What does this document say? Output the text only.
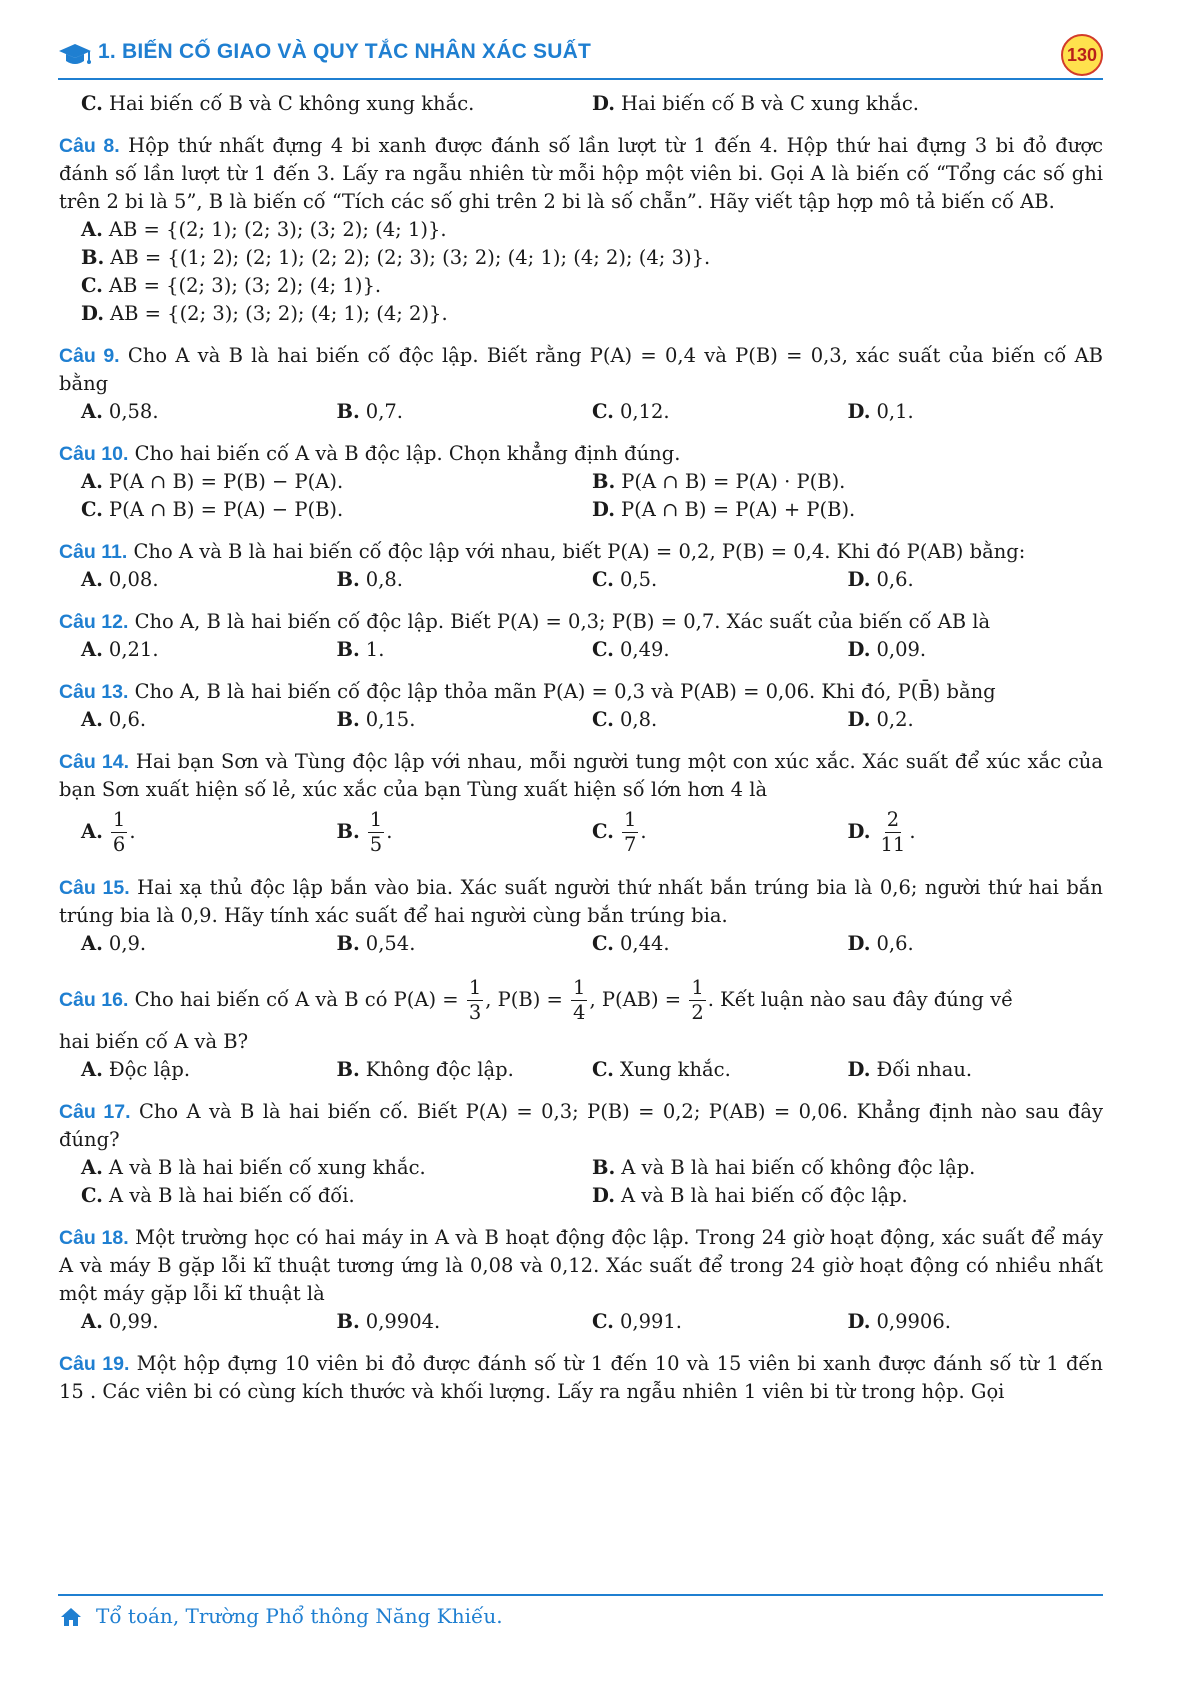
1. BIẾN CỐ GIAO VÀ QUY TẮC NHÂN XÁC SUẤT	130
C. Hai biến cố B và C không xung khắc.	D. Hai biến cố B và C xung khắc.

Câu 8. Hộp thứ nhất đựng 4 bi xanh được đánh số lần lượt từ 1 đến 4. Hộp thứ hai đựng 3 bi đỏ được đánh số lần lượt từ 1 đến 3. Lấy ra ngẫu nhiên từ mỗi hộp một viên bi. Gọi A là biến cố “Tổng các số ghi trên 2 bi là 5”, B là biến cố “Tích các số ghi trên 2 bi là số chẵn”. Hãy viết tập hợp mô tả biến cố AB.

A. AB = {(2; 1); (2; 3); (3; 2); (4; 1)}.
B. AB = {(1; 2); (2; 1); (2; 2); (2; 3); (3; 2); (4; 1); (4; 2); (4; 3)}.
C. AB = {(2; 3); (3; 2); (4; 1)}.
D. AB = {(2; 3); (3; 2); (4; 1); (4; 2)}.

Câu 9. Cho A và B là hai biến cố độc lập. Biết rằng P(A) = 0,4 và P(B) = 0,3, xác suất của biến cố AB bằng

A. 0,58.	B. 0,7.	C. 0,12.	D. 0,1.

Câu 10. Cho hai biến cố A và B độc lập. Chọn khẳng định đúng.

A. P(A ∩ B) = P(B) − P(A).	B. P(A ∩ B) = P(A) · P(B).
C. P(A ∩ B) = P(A) − P(B).	D. P(A ∩ B) = P(A) + P(B).

Câu 11. Cho A và B là hai biến cố độc lập với nhau, biết P(A) = 0,2, P(B) = 0,4. Khi đó P(AB) bằng:

A. 0,08.	B. 0,8.	C. 0,5.	D. 0,6.

Câu 12. Cho A, B là hai biến cố độc lập. Biết P(A) = 0,3; P(B) = 0,7. Xác suất của biến cố AB là

A. 0,21.	B. 1.	C. 0,49.	D. 0,09.

Câu 13. Cho A, B là hai biến cố độc lập thỏa mãn P(A) = 0,3 và P(AB) = 0,06. Khi đó, P(B̄) bằng

A. 0,6.	B. 0,15.	C. 0,8.	D. 0,2.

Câu 14. Hai bạn Sơn và Tùng độc lập với nhau, mỗi người tung một con xúc xắc. Xác suất để xúc xắc của bạn Sơn xuất hiện số lẻ, xúc xắc của bạn Tùng xuất hiện số lớn hơn 4 là

A. $\frac{1}{6}$ .	B. $\frac{1}{5}$ .	C. $\frac{1}{7}$ .	D. $\frac{2}{11}$ .

Câu 15. Hai xạ thủ độc lập bắn vào bia. Xác suất người thứ nhất bắn trúng bia là 0,6; người thứ hai bắn trúng bia là 0,9. Hãy tính xác suất để hai người cùng bắn trúng bia.

A. 0,9.	B. 0,54.	C. 0,44.	D. 0,6.

Câu 16. Cho hai biến cố A và B có $P(A) = \frac{1}{3}$ , $P(B) = \frac{1}{4}$ , $P(AB) = \frac{1}{2}$ . Kết luận nào sau đây đúng về

hai biến cố A và B?

A. Độc lập.	B. Không độc lập.	C. Xung khắc.	D. Đối nhau.

Câu 17. Cho A và B là hai biến cố. Biết P(A) = 0,3; P(B) = 0,2; P(AB) = 0,06. Khẳng định nào sau đây đúng?

A. A và B là hai biến cố xung khắc.	B. A và B là hai biến cố không độc lập.
C. A và B là hai biến cố đối.	D. A và B là hai biến cố độc lập.

Câu 18. Một trường học có hai máy in A và B hoạt động độc lập. Trong 24 giờ hoạt động, xác suất để máy A và máy B gặp lỗi kĩ thuật tương ứng là 0,08 và 0,12. Xác suất để trong 24 giờ hoạt động có nhiều nhất một máy gặp lỗi kĩ thuật là

A. 0,99.	B. 0,9904.	C. 0,991.	D. 0,9906.

Câu 19. Một hộp đựng 10 viên bi đỏ được đánh số từ 1 đến 10 và 15 viên bi xanh được đánh số từ 1 đến 15 . Các viên bi có cùng kích thước và khối lượng. Lấy ra ngẫu nhiên 1 viên bi từ trong hộp. Gọi

Tổ toán, Trường Phổ thông Năng Khiếu.
